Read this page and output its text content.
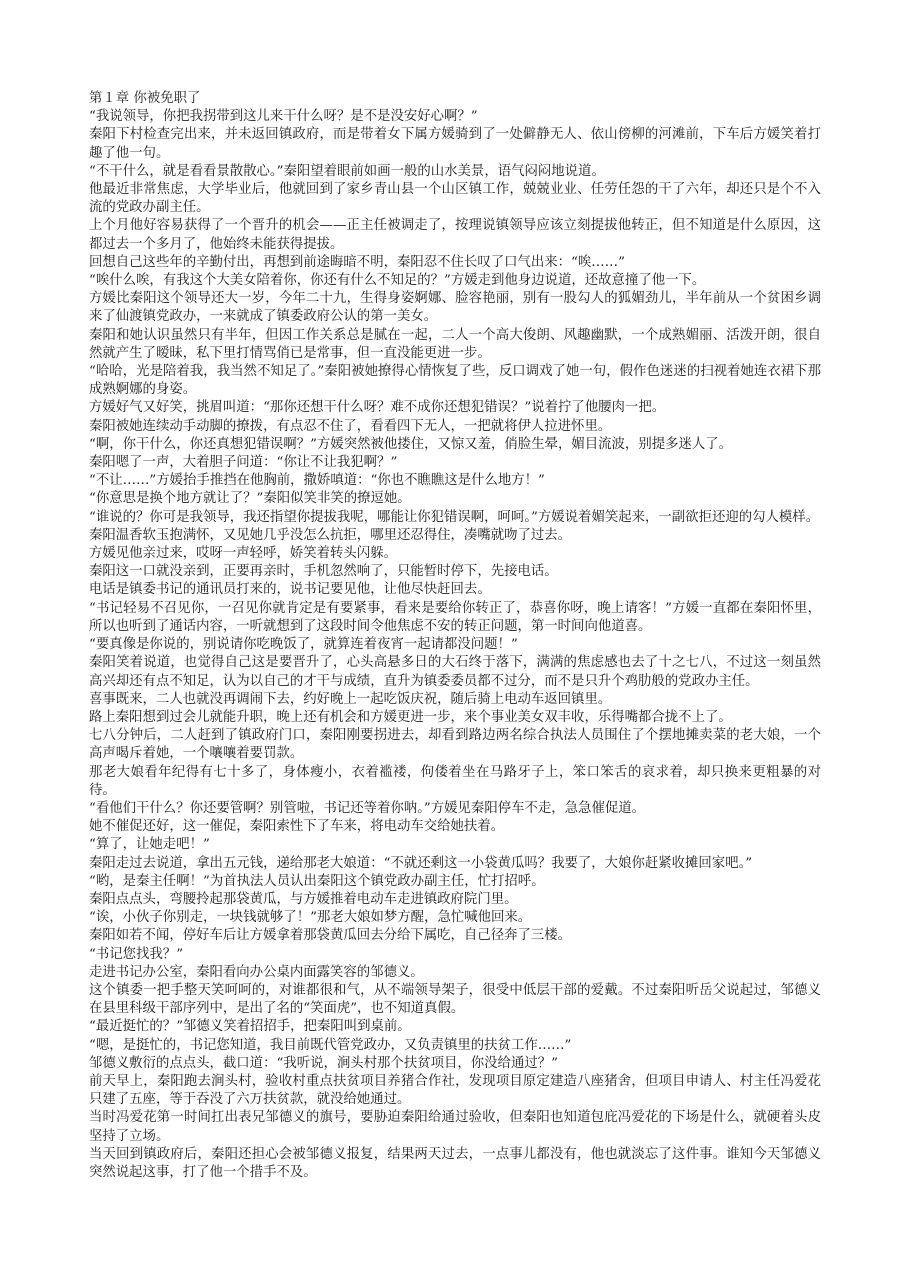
第１章 你被免职了

“我说领导，你把我拐带到这儿来干什么呀？是不是没安好心啊？”

秦阳下村检查完出来，并未返回镇政府，而是带着女下属方媛骑到了一处僻静无人、依山傍柳的河滩前，下车后方媛笑着打趣了他一句。

“不干什么，就是看看景散散心。”秦阳望着眼前如画一般的山水美景，语气闷闷地说道。

他最近非常焦虑，大学毕业后，他就回到了家乡青山县一个山区镇工作，兢兢业业、任劳任怨的干了六年，却还只是个不入流的党政办副主任。

上个月他好容易获得了一个晋升的机会——正主任被调走了，按理说镇领导应该立刻提拔他转正，但不知道是什么原因，这都过去一个多月了，他始终未能获得提拔。

回想自己这些年的辛勤付出，再想到前途晦暗不明，秦阳忍不住长叹了口气出来：“唉……”

“唉什么唉，有我这个大美女陪着你，你还有什么不知足的？”方媛走到他身边说道，还故意撞了他一下。

方媛比秦阳这个领导还大一岁，今年二十九，生得身姿婀娜、脸容艳丽，别有一股勾人的狐媚劲儿，半年前从一个贫困乡调来了仙渡镇党政办，一来就成了镇委政府公认的第一美女。

秦阳和她认识虽然只有半年，但因工作关系总是腻在一起，二人一个高大俊朗、风趣幽默，一个成熟媚丽、活泼开朗，很自然就产生了暧昧，私下里打情骂俏已是常事，但一直没能更进一步。

“哈哈，光是陪着我，我当然不知足了。”秦阳被她撩得心情恢复了些，反口调戏了她一句，假作色迷迷的扫视着她连衣裙下那成熟婀娜的身姿。

方媛好气又好笑，挑眉叫道：“那你还想干什么呀？难不成你还想犯错误？”说着拧了他腰肉一把。

秦阳被她连续动手动脚的撩拨，有点忍不住了，看看四下无人，一把就将伊人拉进怀里。

“啊，你干什么，你还真想犯错误啊？”方媛突然被他搂住，又惊又羞，俏脸生晕，媚目流波，别提多迷人了。

秦阳嗯了一声，大着胆子问道：“你让不让我犯啊？”

“不让……”方媛抬手推挡在他胸前，撒娇嗔道：“你也不瞧瞧这是什么地方！”

“你意思是换个地方就让了？”秦阳似笑非笑的撩逗她。

“谁说的？你可是我领导，我还指望你提拔我呢，哪能让你犯错误啊，呵呵。”方媛说着媚笑起来，一副欲拒还迎的勾人模样。

秦阳温香软玉抱满怀，又见她几乎没怎么抗拒，哪里还忍得住，凑嘴就吻了过去。

方媛见他亲过来，哎呀一声轻呼，娇笑着转头闪躲。

秦阳这一口就没亲到，正要再亲时，手机忽然响了，只能暂时停下，先接电话。

电话是镇委书记的通讯员打来的，说书记要见他，让他尽快赶回去。

“书记轻易不召见你，一召见你就肯定是有要紧事，看来是要给你转正了，恭喜你呀，晚上请客！”方媛一直都在秦阳怀里，所以也听到了通话内容，一听就想到了这段时间令他焦虑不安的转正问题，第一时间向他道喜。

“要真像是你说的，别说请你吃晚饭了，就算连着夜宵一起请都没问题！”

秦阳笑着说道，也觉得自己这是要晋升了，心头高悬多日的大石终于落下，满满的焦虑感也去了十之七八，不过这一刻虽然高兴却还有点不知足，认为以自己的才干与成绩，直升为镇委委员都不过分，而不是只升个鸡肋般的党政办主任。

喜事既来，二人也就没再调闹下去，约好晚上一起吃饭庆祝，随后骑上电动车返回镇里。

路上秦阳想到过会儿就能升职，晚上还有机会和方媛更进一步，来个事业美女双丰收，乐得嘴都合拢不上了。

七八分钟后，二人赶到了镇政府门口，秦阳刚要拐进去，却看到路边两名综合执法人员围住了个摆地摊卖菜的老大娘，一个高声喝斥着她，一个嚷嚷着要罚款。

那老大娘看年纪得有七十多了，身体瘦小，衣着褴褛，佝偻着坐在马路牙子上，笨口笨舌的哀求着，却只换来更粗暴的对待。

“看他们干什么？你还要管啊？别管啦，书记还等着你呐。”方媛见秦阳停车不走，急急催促道。

她不催促还好，这一催促，秦阳索性下了车来，将电动车交给她扶着。

“算了，让她走吧！”

秦阳走过去说道，拿出五元钱，递给那老大娘道：“不就还剩这一小袋黄瓜吗？我要了，大娘你赶紧收摊回家吧。”

“哟，是秦主任啊！”为首执法人员认出秦阳这个镇党政办副主任，忙打招呼。

秦阳点点头，弯腰拎起那袋黄瓜，与方媛推着电动车走进镇政府院门里。

“诶，小伙子你别走，一块钱就够了！”那老大娘如梦方醒，急忙喊他回来。

秦阳如若不闻，停好车后让方媛拿着那袋黄瓜回去分给下属吃，自己径奔了三楼。

“书记您找我？”

走进书记办公室，秦阳看向办公桌内面露笑容的邹德义。

这个镇委一把手整天笑呵呵的，对谁都很和气，从不端领导架子，很受中低层干部的爱戴。不过秦阳听岳父说起过，邹德义在县里科级干部序列中，是出了名的“笑面虎”，也不知道真假。

“最近挺忙的？”邹德义笑着招招手，把秦阳叫到桌前。

“嗯，是挺忙的，书记您知道，我目前既代管党政办，又负责镇里的扶贫工作……”

邹德义敷衍的点点头，截口道：“我听说，涧头村那个扶贫项目，你没给通过？”

前天早上，秦阳跑去涧头村，验收村重点扶贫项目养猪合作社，发现项目原定建造八座猪舍，但项目申请人、村主任冯爱花只建了五座，等于吞没了六万扶贫款，就没给她通过。

当时冯爱花第一时间扛出表兄邹德义的旗号，要胁迫秦阳给通过验收，但秦阳也知道包庇冯爱花的下场是什么，就硬着头皮坚持了立场。

当天回到镇政府后，秦阳还担心会被邹德义报复，结果两天过去，一点事儿都没有，他也就淡忘了这件事。谁知今天邹德义突然说起这事，打了他一个措手不及。
